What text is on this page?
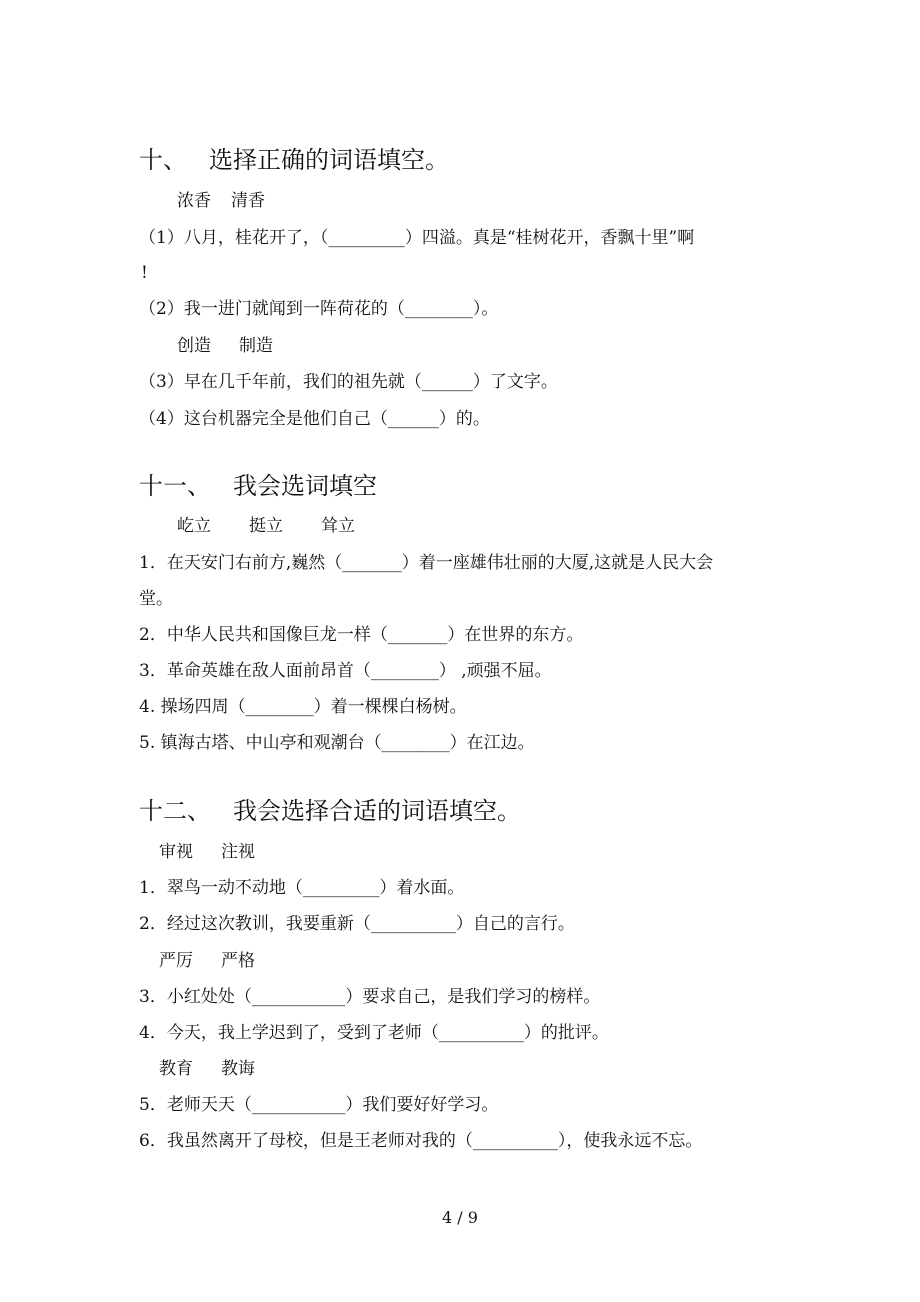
十、 选择正确的词语填空。
浓香 清香
（1）八月，桂花开了，（_________）四溢。真是“桂树花开，香飘十里”啊
!
（2）我一进门就闻到一阵荷花的（________）。
创造 制造
（3）早在几千年前，我们的祖先就（______）了文字。
（4）这台机器完全是他们自己（______）的。
十一、 我会选词填空
屹立 挺立 耸立
1．在天安门右前方,巍然（_______）着一座雄伟壮丽的大厦,这就是人民大会
堂。
2．中华人民共和国像巨龙一样（_______）在世界的东方。
3．革命英雄在敌人面前昂首（________） ,顽强不屈。
4. 操场四周（________）着一棵棵白杨树。
5. 镇海古塔、中山亭和观潮台（________）在江边。
十二、 我会选择合适的词语填空。
审视 注视
1．翠鸟一动不动地（_________）着水面。
2．经过这次教训，我要重新（__________）自己的言行。
严厉 严格
3．小红处处（___________）要求自己，是我们学习的榜样。
4．今天，我上学迟到了，受到了老师（__________）的批评。
教育 教诲
5．老师天天（___________）我们要好好学习。
6．我虽然离开了母校，但是王老师对我的（__________），使我永远不忘。
4 / 9
